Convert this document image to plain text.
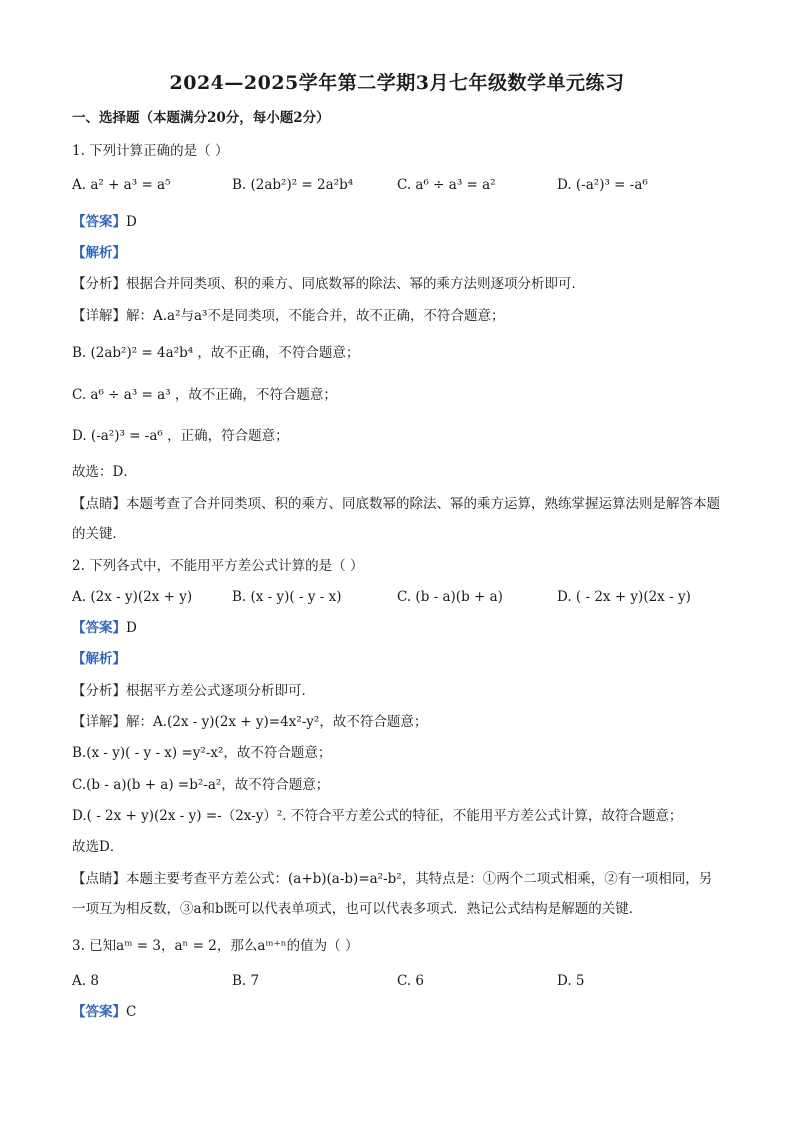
2024—2025学年第二学期3月七年级数学单元练习
一、选择题（本题满分20分，每小题2分）
1. 下列计算正确的是（ ）
A. a² + a³ = a⁵	B. (2ab²)² = 2a²b⁴	C. a⁶ ÷ a³ = a²	D. (-a²)³ = -a⁶
【答案】D
【解析】
【分析】根据合并同类项、积的乘方、同底数幂的除法、幂的乘方法则逐项分析即可．
【详解】解：A.a²与a³不是同类项，不能合并，故不正确，不符合题意；
B. (2ab²)² = 4a²b⁴ ，故不正确，不符合题意；
C. a⁶ ÷ a³ = a³ ，故不正确，不符合题意；
D. (-a²)³ = -a⁶ ，正确，符合题意；
故选：D．
【点睛】本题考查了合并同类项、积的乘方、同底数幂的除法、幂的乘方运算，熟练掌握运算法则是解答本题的关键．
2. 下列各式中，不能用平方差公式计算的是（ ）
A. (2x - y)(2x + y)	B. (x - y)( - y - x)	C. (b - a)(b + a)	D. ( - 2x + y)(2x - y)
【答案】D
【解析】
【分析】根据平方差公式逐项分析即可．
【详解】解：A.(2x - y)(2x + y)=4x²-y²，故不符合题意；
B.(x - y)( - y - x) =y²-x²，故不符合题意；
C.(b - a)(b + a) =b²-a²，故不符合题意；
D.( - 2x + y)(2x - y) =-（2x-y）². 不符合平方差公式的特征，不能用平方差公式计算，故符合题意；
故选D．
【点睛】本题主要考查平方差公式：(a+b)(a-b)=a²-b²，其特点是：①两个二项式相乘，②有一项相同，另一项互为相反数，③a和b既可以代表单项式，也可以代表多项式．熟记公式结构是解题的关键．
3. 已知aᵐ = 3，aⁿ = 2，那么aᵐ⁺ⁿ的值为（ ）
A. 8	B. 7	C. 6	D. 5
【答案】C
